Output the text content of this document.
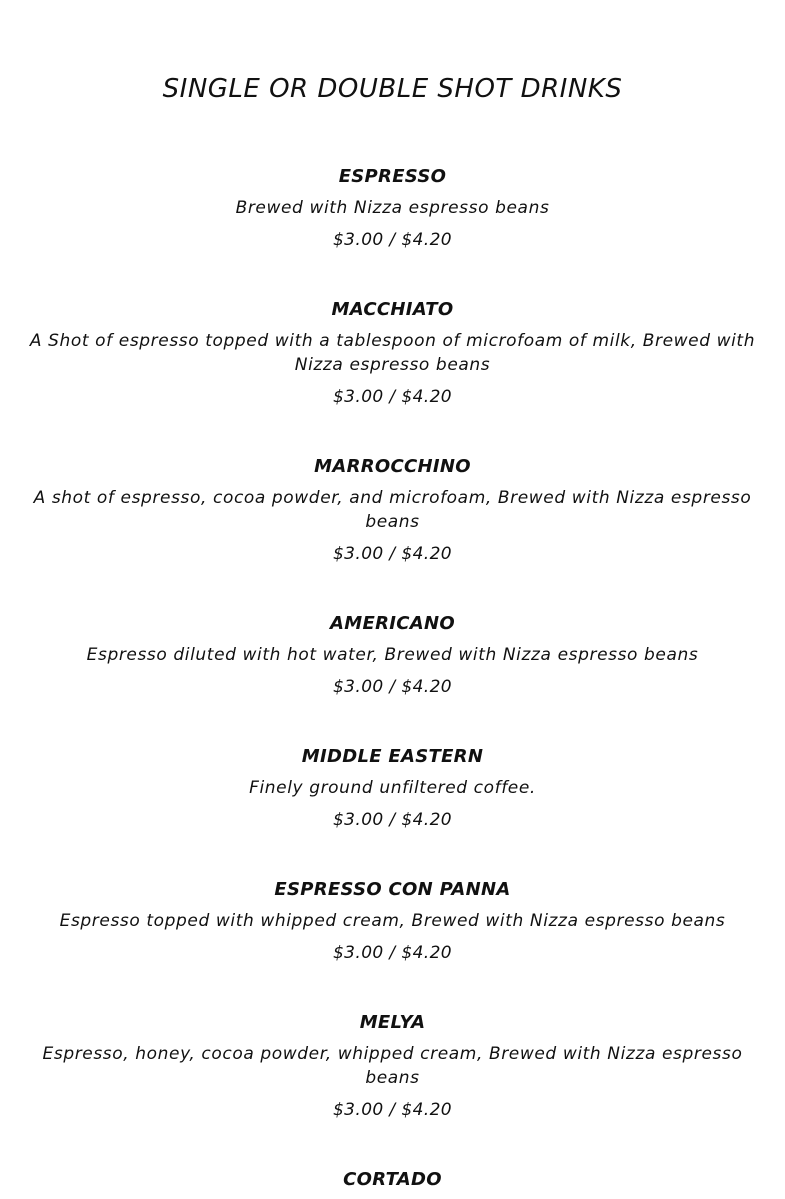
SINGLE OR DOUBLE SHOT DRINKS
ESPRESSO
Brewed with Nizza espresso beans
$3.00 / $4.20
MACCHIATO
A Shot of espresso topped with a tablespoon of microfoam of milk, Brewed with Nizza espresso beans
$3.00 / $4.20
MARROCCHINO
A shot of espresso, cocoa powder, and microfoam, Brewed with Nizza espresso beans
$3.00 / $4.20
AMERICANO
Espresso diluted with hot water, Brewed with Nizza espresso beans
$3.00 / $4.20
MIDDLE EASTERN
Finely ground unfiltered coffee.
$3.00 / $4.20
ESPRESSO CON PANNA
Espresso topped with whipped cream, Brewed with Nizza espresso beans
$3.00 / $4.20
MELYA
Espresso, honey, cocoa powder, whipped cream, Brewed with Nizza espresso beans
$3.00 / $4.20
CORTADO
